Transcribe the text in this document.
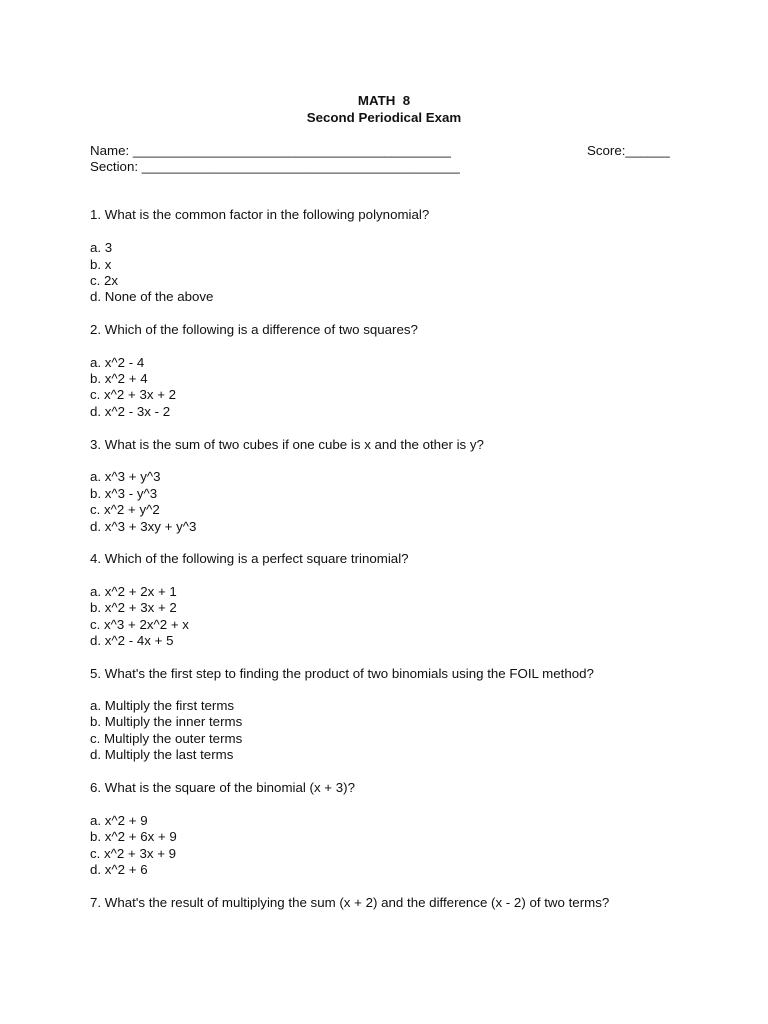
MATH  8
Second Periodical Exam
Name: ___________________________________________	Score:______
Section: ___________________________________________
1. What is the common factor in the following polynomial?
a. 3
b. x
c. 2x
d. None of the above
2. Which of the following is a difference of two squares?
a. x^2 - 4
b. x^2 + 4
c. x^2 + 3x + 2
d. x^2 - 3x - 2
3. What is the sum of two cubes if one cube is x and the other is y?
a. x^3 + y^3
b. x^3 - y^3
c. x^2 + y^2
d. x^3 + 3xy + y^3
4. Which of the following is a perfect square trinomial?
a. x^2 + 2x + 1
b. x^2 + 3x + 2
c. x^3 + 2x^2 + x
d. x^2 - 4x + 5
5. What's the first step to finding the product of two binomials using the FOIL method?
a. Multiply the first terms
b. Multiply the inner terms
c. Multiply the outer terms
d. Multiply the last terms
6. What is the square of the binomial (x + 3)?
a. x^2 + 9
b. x^2 + 6x + 9
c. x^2 + 3x + 9
d. x^2 + 6
7. What's the result of multiplying the sum (x + 2) and the difference (x - 2) of two terms?
